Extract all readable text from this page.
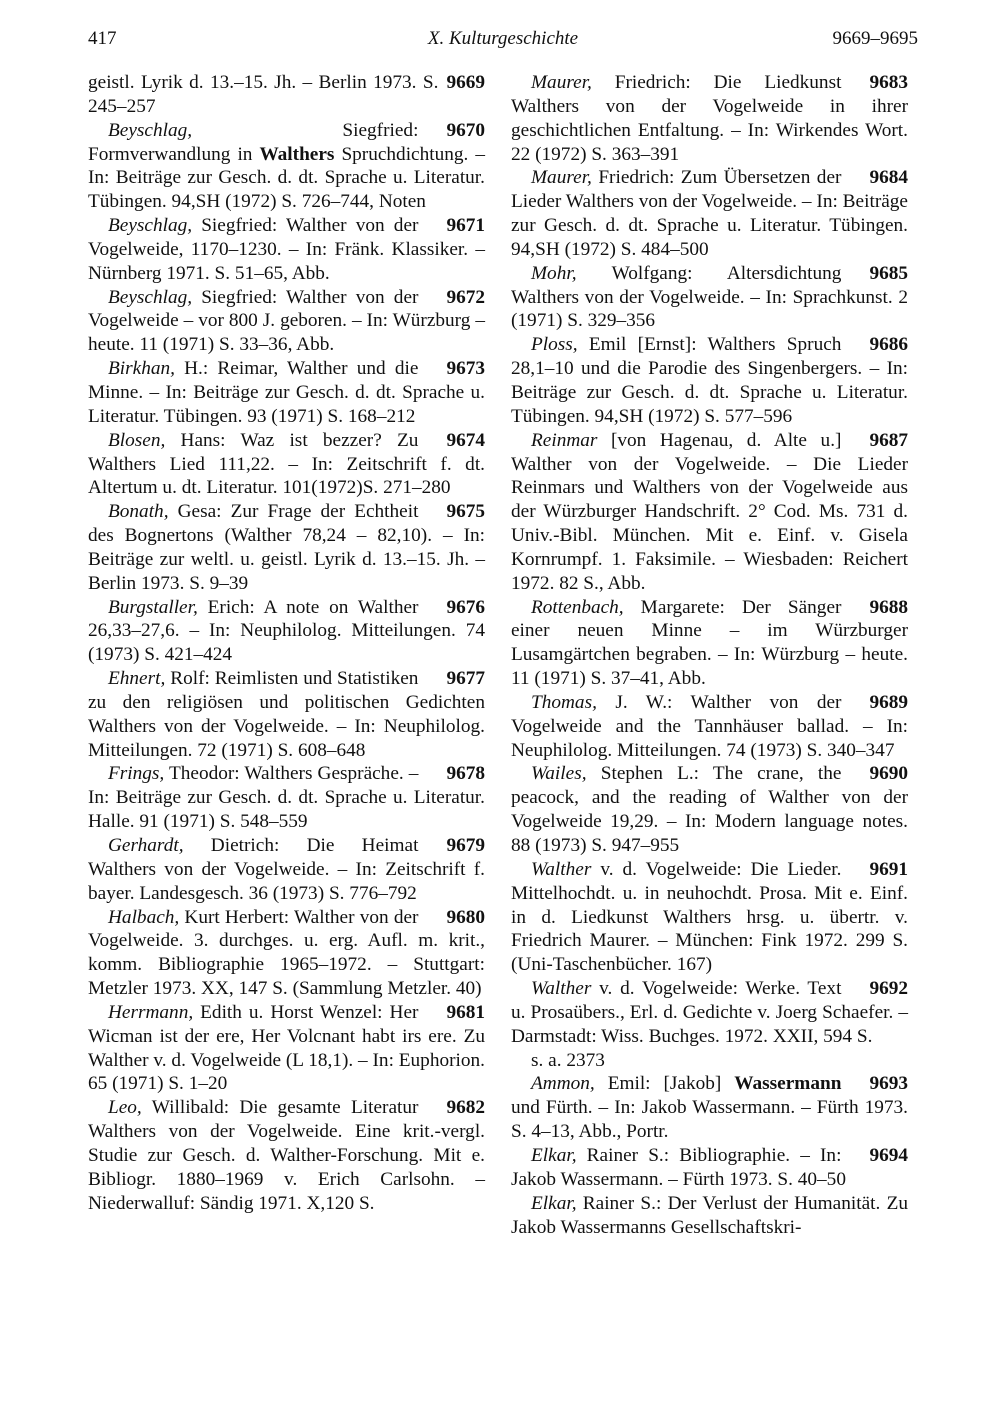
417	X. Kulturgeschichte	9669–9695

9669
geistl. Lyrik d. 13.–15. Jh. – Berlin 1973. S. 245–257

9670
Beyschlag, Siegfried: Formverwandlung in Walthers Spruchdichtung. – In: Beiträge zur Gesch. d. dt. Sprache u. Literatur. Tübingen. 94,SH (1972) S. 726–744, Noten

9671
Beyschlag, Siegfried: Walther von der Vogelweide, 1170–1230. – In: Fränk. Klassiker. – Nürnberg 1971. S. 51–65, Abb.

9672
Beyschlag, Siegfried: Walther von der Vogelweide – vor 800 J. geboren. – In: Würzburg – heute. 11 (1971) S. 33–36, Abb.

9673
Birkhan, H.: Reimar, Walther und die Minne. – In: Beiträge zur Gesch. d. dt. Sprache u. Literatur. Tübingen. 93 (1971) S. 168–212

9674
Blosen, Hans: Waz ist bezzer? Zu Walthers Lied 111,22. – In: Zeitschrift f. dt. Altertum u. dt. Literatur. 101(1972)S. 271–280

9675
Bonath, Gesa: Zur Frage der Echtheit des Bognertons (Walther 78,24 – 82,10). – In: Beiträge zur weltl. u. geistl. Lyrik d. 13.–15. Jh. – Berlin 1973. S. 9–39

9676
Burgstaller, Erich: A note on Walther 26,33–27,6. – In: Neuphilolog. Mitteilungen. 74 (1973) S. 421–424

9677
Ehnert, Rolf: Reimlisten und Statistiken zu den religiösen und politischen Gedichten Walthers von der Vogelweide. – In: Neuphilolog. Mitteilungen. 72 (1971) S. 608–648

9678
Frings, Theodor: Walthers Gespräche. – In: Beiträge zur Gesch. d. dt. Sprache u. Literatur. Halle. 91 (1971) S. 548–559

9679
Gerhardt, Dietrich: Die Heimat Walthers von der Vogelweide. – In: Zeitschrift f. bayer. Landesgesch. 36 (1973) S. 776–792

9680
Halbach, Kurt Herbert: Walther von der Vogelweide. 3. durchges. u. erg. Aufl. m. krit., komm. Bibliographie 1965–1972. – Stuttgart: Metzler 1973. XX, 147 S. (Sammlung Metzler. 40)

9681
Herrmann, Edith u. Horst Wenzel: Her Wicman ist der ere, Her Volcnant habt irs ere. Zu Walther v. d. Vogelweide (L 18,1). – In: Euphorion. 65 (1971) S. 1–20

9682
Leo, Willibald: Die gesamte Literatur Walthers von der Vogelweide. Eine krit.-vergl. Studie zur Gesch. d. Walther-Forschung. Mit e. Bibliogr. 1880–1969 v. Erich Carlsohn. – Niederwalluf: Sändig 1971. X,120 S.

9683
Maurer, Friedrich: Die Liedkunst Walthers von der Vogelweide in ihrer geschichtlichen Entfaltung. – In: Wirkendes Wort. 22 (1972) S. 363–391

9684
Maurer, Friedrich: Zum Übersetzen der Lieder Walthers von der Vogelweide. – In: Beiträge zur Gesch. d. dt. Sprache u. Literatur. Tübingen. 94,SH (1972) S. 484–500

9685
Mohr, Wolfgang: Altersdichtung Walthers von der Vogelweide. – In: Sprachkunst. 2 (1971) S. 329–356

9686
Ploss, Emil [Ernst]: Walthers Spruch 28,1–10 und die Parodie des Singenbergers. – In: Beiträge zur Gesch. d. dt. Sprache u. Literatur. Tübingen. 94,SH (1972) S. 577–596

9687
Reinmar [von Hagenau, d. Alte u.] Walther von der Vogelweide. – Die Lieder Reinmars und Walthers von der Vogelweide aus der Würzburger Handschrift. 2° Cod. Ms. 731 d. Univ.-Bibl. München. Mit e. Einf. v. Gisela Kornrumpf. 1. Faksimile. – Wiesbaden: Reichert 1972. 82 S., Abb.

9688
Rottenbach, Margarete: Der Sänger einer neuen Minne – im Würzburger Lusamgärtchen begraben. – In: Würzburg – heute. 11 (1971) S. 37–41, Abb.

9689
Thomas, J. W.: Walther von der Vogelweide and the Tannhäuser ballad. – In: Neuphilolog. Mitteilungen. 74 (1973) S. 340–347

9690
Wailes, Stephen L.: The crane, the peacock, and the reading of Walther von der Vogelweide 19,29. – In: Modern language notes. 88 (1973) S. 947–955

9691
Walther v. d. Vogelweide: Die Lieder. Mittelhochdt. u. in neuhochdt. Prosa. Mit e. Einf. in d. Liedkunst Walthers hrsg. u. übertr. v. Friedrich Maurer. – München: Fink 1972. 299 S. (Uni-Taschenbücher. 167)

9692
Walther v. d. Vogelweide: Werke. Text u. Prosaübers., Erl. d. Gedichte v. Joerg Schaefer. – Darmstadt: Wiss. Buchges. 1972. XXII, 594 S.

s. a. 2373

9693
Ammon, Emil: [Jakob] Wassermann und Fürth. – In: Jakob Wassermann. – Fürth 1973. S. 4–13, Abb., Portr.

9694
Elkar, Rainer S.: Bibliographie. – In: Jakob Wassermann. – Fürth 1973. S. 40–50

Elkar, Rainer S.: Der Verlust der Humanität. Zu Jakob Wassermanns Gesellschaftskri-
